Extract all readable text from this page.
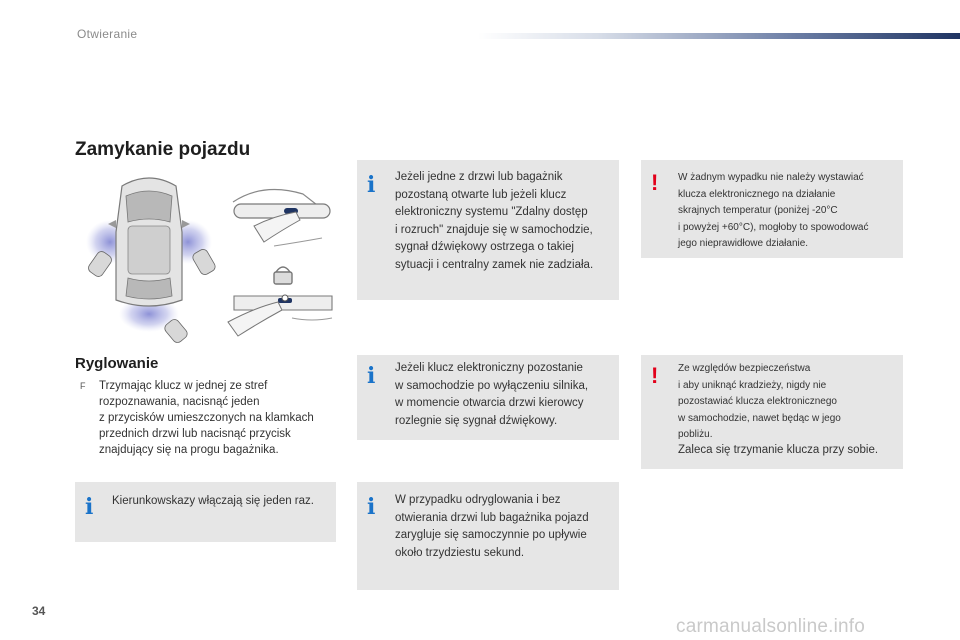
Otwieranie
Zamykanie pojazdu
Ryglowanie
F Trzymając klucz w jednej ze stref
rozpoznawania, nacisnąć jeden
z przycisków umieszczonych na klamkach
przednich drzwi lub nacisnąć przycisk
znajdujący się na progu bagażnika.
i Kierunkowskazy włączają się jeden raz.
i Jeżeli jedne z drzwi lub bagażnik
pozostaną otwarte lub jeżeli klucz
elektroniczny systemu "Zdalny dostęp
i rozruch" znajduje się w samochodzie,
sygnał dźwiękowy ostrzega o takiej
sytuacji i centralny zamek nie zadziała.
i Jeżeli klucz elektroniczny pozostanie
w samochodzie po wyłączeniu silnika,
w momencie otwarcia drzwi kierowcy
rozlegnie się sygnał dźwiękowy.
i W przypadku odryglowania i bez
otwierania drzwi lub bagażnika pojazd
zarygluje się samoczynnie po upływie
około trzydziestu sekund.
! W żadnym wypadku nie należy wystawiać
klucza elektronicznego na działanie
skrajnych temperatur (poniżej -20°C
i powyżej +60°C), mogłoby to spowodować
jego nieprawidłowe działanie.
! Ze względów bezpieczeństwa
i aby uniknąć kradzieży, nigdy nie
pozostawiać klucza elektronicznego
w samochodzie, nawet będąc w jego
pobliżu.
Zaleca się trzymanie klucza przy sobie.
34
carmanualsonline.info
